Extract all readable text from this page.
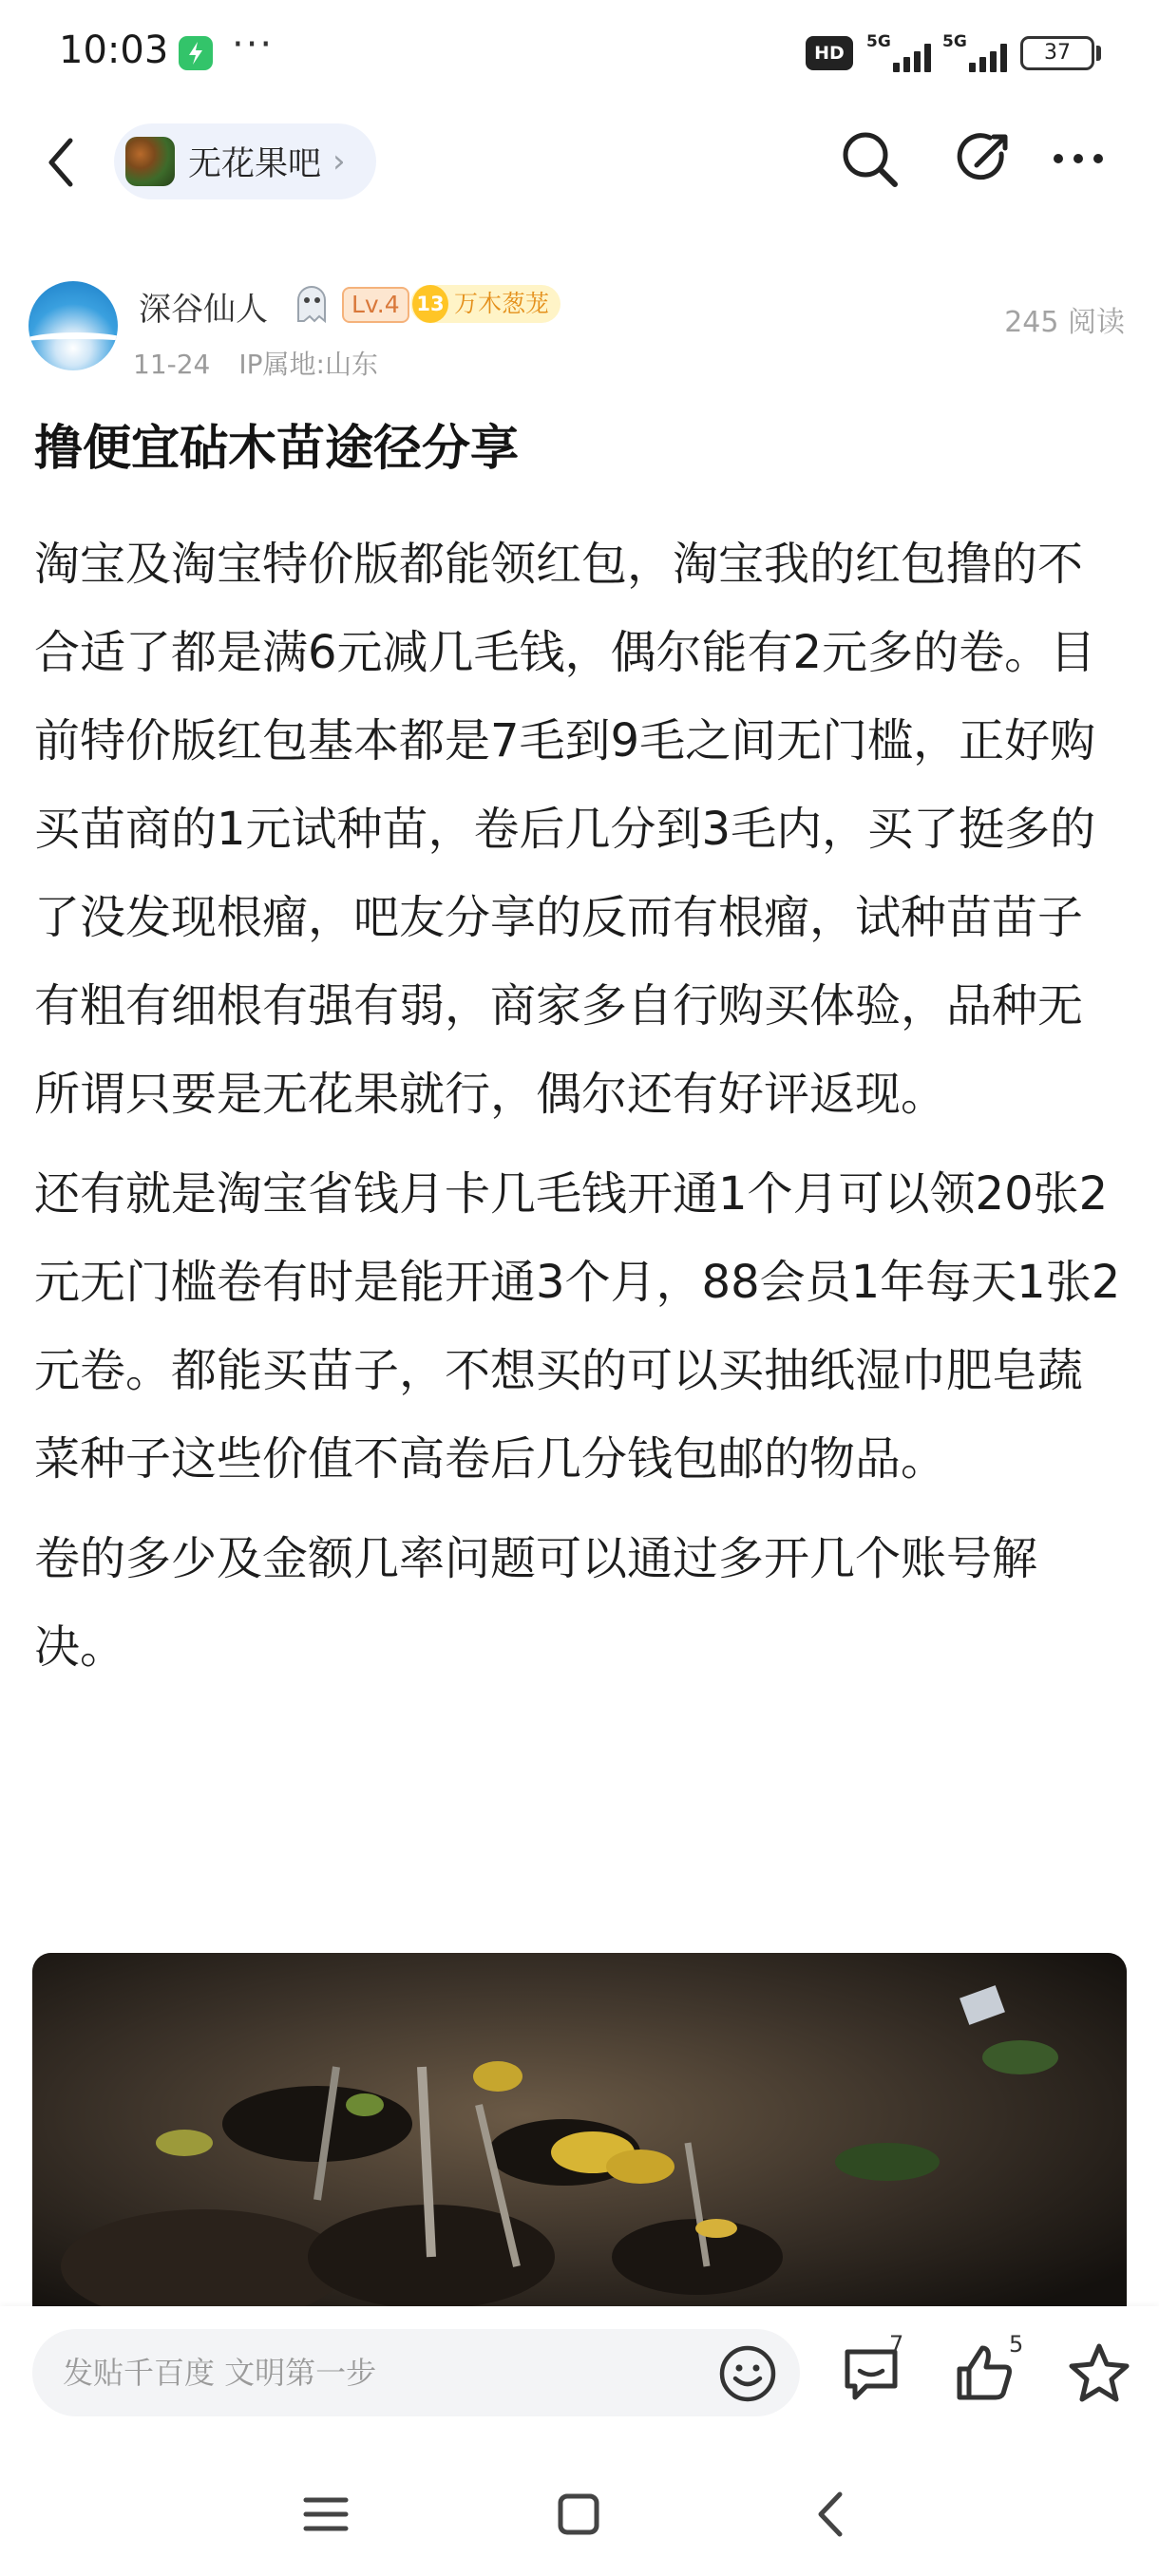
10:03 ···	HD
5G	5G	37
无花果吧 ›
深谷仙人	Lv.4 13 万木葱茏
11-24 IP属地:山东
245 阅读
撸便宜砧木苗途径分享

淘宝及淘宝特价版都能领红包，淘宝我的红包撸的不合适了都是满6元减几毛钱，偶尔能有2元多的卷。目前特价版红包基本都是7毛到9毛之间无门槛，正好购买苗商的1元试种苗，卷后几分到3毛内，买了挺多的了没发现根瘤，吧友分享的反而有根瘤，试种苗苗子有粗有细根有强有弱，商家多自行购买体验，品种无所谓只要是无花果就行，偶尔还有好评返现。

还有就是淘宝省钱月卡几毛钱开通1个月可以领20张2元无门槛卷有时是能开通3个月，88会员1年每天1张2元卷。都能买苗子，不想买的可以买抽纸湿巾肥皂蔬菜种子这些价值不高卷后几分钱包邮的物品。

卷的多少及金额几率问题可以通过多开几个账号解决。

发贴千百度 文明第一步
7	5
